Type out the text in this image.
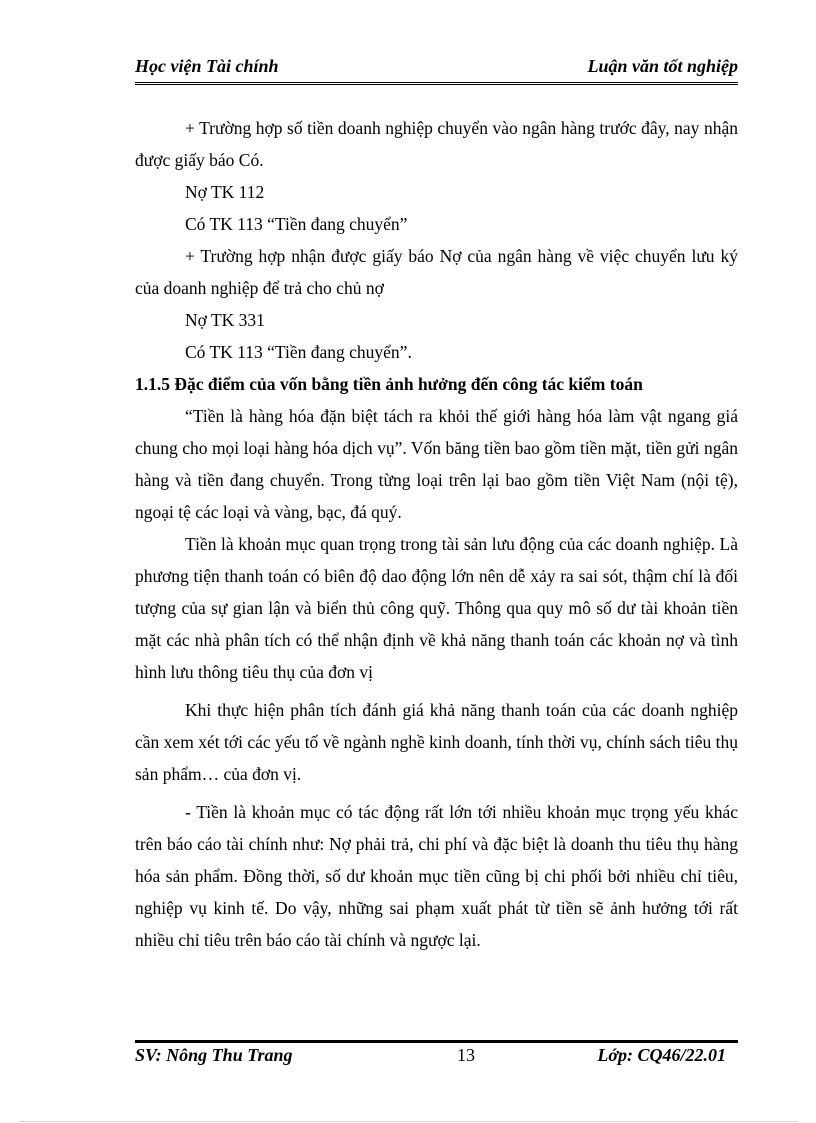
Học viện Tài chính	Luận văn tốt nghiệp

+ Trường hợp số tiền doanh nghiệp chuyển vào ngân hàng trước đây, nay nhận được giấy báo Có.

Nợ TK 112

Có TK 113 “Tiền đang chuyển”

+ Trường hợp nhận được giấy báo Nợ của ngân hàng về việc chuyển lưu ký của doanh nghiệp để trả cho chủ nợ

Nợ TK 331

Có TK 113 “Tiền đang chuyển”.

1.1.5 Đặc điểm của vốn bằng tiền ảnh hưởng đến công tác kiểm toán

“Tiền là hàng hóa đặn biệt tách ra khỏi thế giới hàng hóa làm vật ngang giá chung cho mọi loại hàng hóa dịch vụ”. Vốn băng tiền bao gồm tiền mặt, tiền gửi ngân hàng và tiền đang chuyển. Trong từng loại trên lại bao gồm tiền Việt Nam (nội tệ), ngoại tệ các loại và vàng, bạc, đá quý.

Tiền là khoản mục quan trọng trong tài sản lưu động của các doanh nghiệp. Là phương tiện thanh toán có biên độ dao động lớn nên dễ xảy ra sai sót, thậm chí là đối tượng của sự gian lận và biển thủ công quỹ. Thông qua quy mô số dư tài khoản tiền mặt các nhà phân tích có thể nhận định về khả năng thanh toán các khoản nợ và tình hình lưu thông tiêu thụ của đơn vị

Khi thực hiện phân tích đánh giá khả năng thanh toán của các doanh nghiệp cần xem xét tới các yếu tố về ngành nghề kinh doanh, tính thời vụ, chính sách tiêu thụ sản phẩm… của đơn vị.

- Tiền là khoản mục có tác động rất lớn tới nhiều khoản mục trọng yếu khác trên báo cáo tài chính như: Nợ phải trả, chi phí và đặc biệt là doanh thu tiêu thụ hàng hóa sản phẩm. Đồng thời, số dư khoản mục tiền cũng bị chi phối bởi nhiều chỉ tiêu, nghiệp vụ kinh tế. Do vậy, những sai phạm xuất phát từ tiền sẽ ảnh hưởng tới rất nhiều chỉ tiêu trên báo cáo tài chính và ngược lại.

SV: Nông Thu Trang	13	Lớp: CQ46/22.01
